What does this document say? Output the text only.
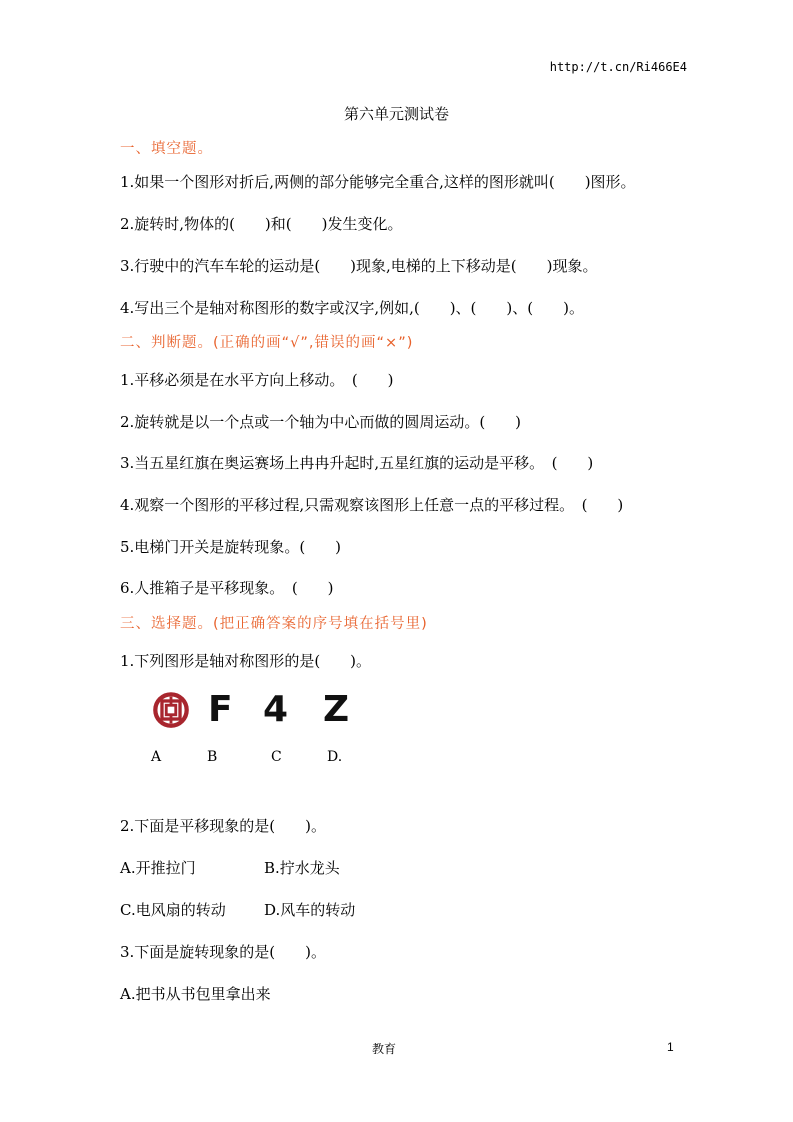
http://t.cn/Ri466E4
第六单元测试卷
一、填空题。
1.如果一个图形对折后,两侧的部分能够完全重合,这样的图形就叫(　　)图形。
2.旋转时,物体的(　　)和(　　)发生变化。
3.行驶中的汽车车轮的运动是(　　)现象,电梯的上下移动是(　　)现象。
4.写出三个是轴对称图形的数字或汉字,例如,(　　)、(　　)、(　　)。
二、判断题。(正确的画“√”,错误的画“×”)
1.平移必须是在水平方向上移动。　(　　)
2.旋转就是以一个点或一个轴为中心而做的圆周运动。(　　)
3.当五星红旗在奥运赛场上冉冉升起时,五星红旗的运动是平移。　(　　)
4.观察一个图形的平移过程,只需观察该图形上任意一点的平移过程。　(　　)
5.电梯门开关是旋转现象。(　　)
6.人推箱子是平移现象。　(　　)
三、选择题。(把正确答案的序号填在括号里)
1.下列图形是轴对称图形的是(　　)。
F 4 Z
A	B	C	D.
2.下面是平移现象的是(　　)。
A.开推拉门	B.拧水龙头
C.电风扇的转动	D.风车的转动
3.下面是旋转现象的是(　　)。
A.把书从书包里拿出来
教育	1
